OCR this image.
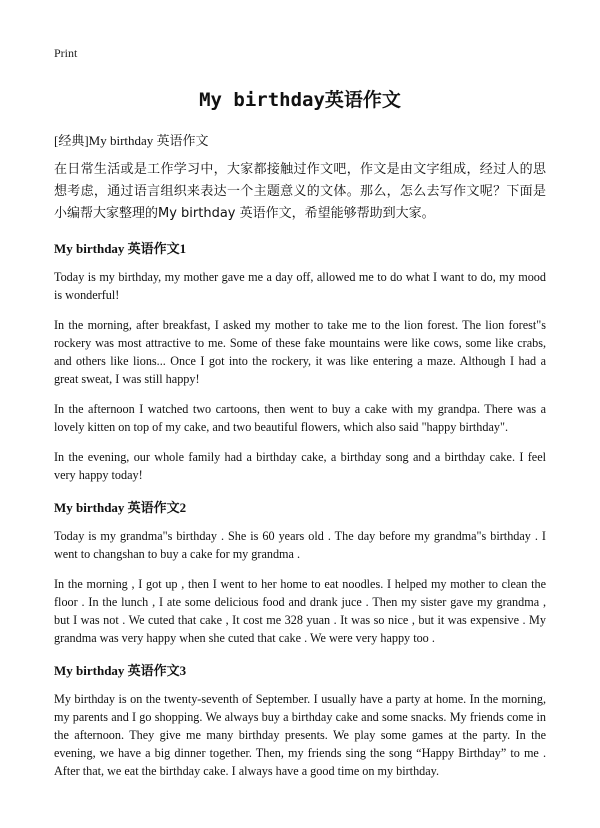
Print
My birthday英语作文
[经典]My birthday 英语作文
在日常生活或是工作学习中，大家都接触过作文吧，作文是由文字组成，经过人的思想考虑，通过语言组织来表达一个主题意义的文体。那么，怎么去写作文呢？下面是小编帮大家整理的My birthday 英语作文，希望能够帮助到大家。
My birthday 英语作文1

Today is my birthday, my mother gave me a day off, allowed me to do what I want to do, my mood is wonderful!

In the morning, after breakfast, I asked my mother to take me to the lion forest. The lion forest"s rockery was most attractive to me. Some of these fake mountains were like cows, some like crabs, and others like lions... Once I got into the rockery, it was like entering a maze. Although I had a great sweat, I was still happy!

In the afternoon I watched two cartoons, then went to buy a cake with my grandpa. There was a lovely kitten on top of my cake, and two beautiful flowers, which also said "happy birthday".

In the evening, our whole family had a birthday cake, a birthday song and a birthday cake. I feel very happy today!

My birthday 英语作文2

Today is my grandma"s birthday . She is 60 years old . The day before my grandma"s birthday . I went to changshan to buy a cake for my grandma .

In the morning , I got up , then I went to her home to eat noodles. I helped my mother to clean the floor . In the lunch , I ate some delicious food and drank juce . Then my sister gave my grandma , but I was not . We cuted that cake , It cost me 328 yuan . It was so nice , but it was expensive . My grandma was very happy when she cuted that cake . We were very happy too .

My birthday 英语作文3

My birthday is on the twenty-seventh of September. I usually have a party at home. In the morning, my parents and I go shopping. We always buy a birthday cake and some snacks. My friends come in the afternoon. They give me many birthday presents. We play some games at the party. In the evening, we have a big dinner together. Then, my friends sing the song “Happy Birthday” to me . After that, we eat the birthday cake. I always have a good time on my birthday.
